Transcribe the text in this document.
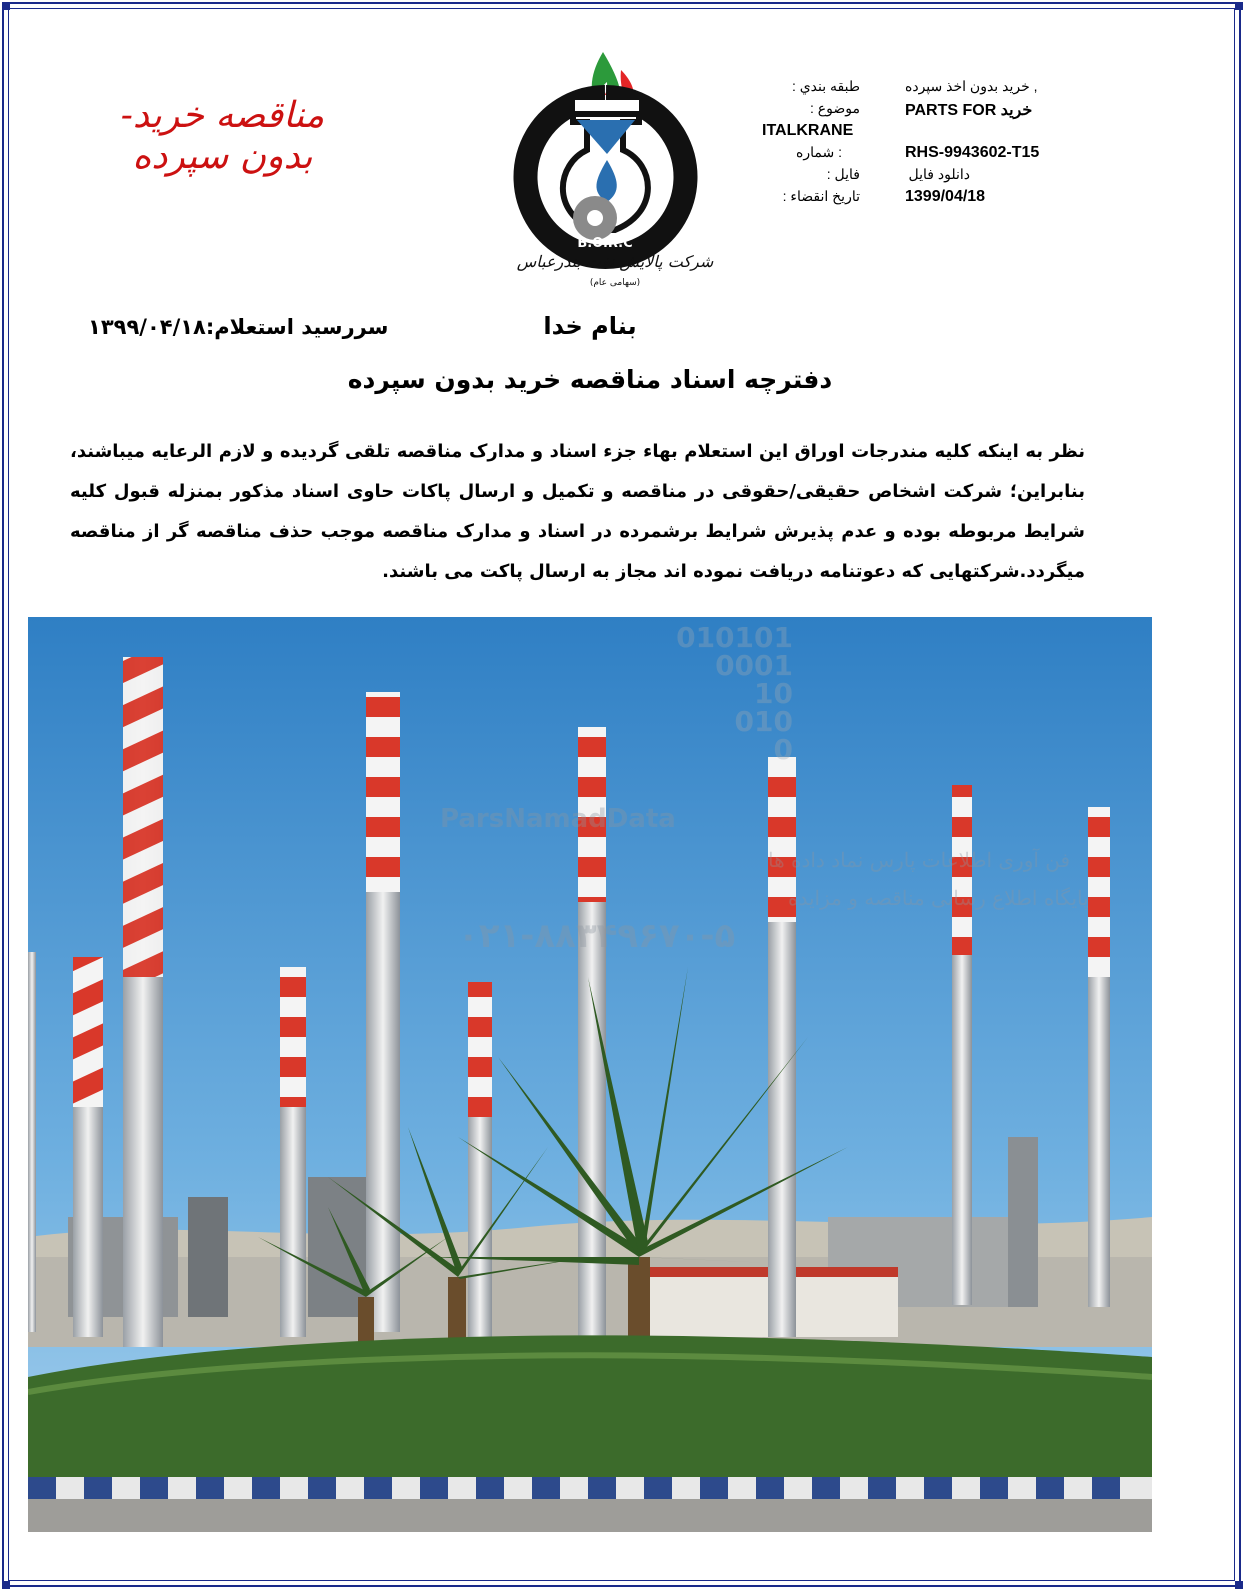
مناقصه خرید- بدون سپرده
B.O.R.C
شرکت پالایش نفت بندرعباس
(سهامی عام)
طبقه بندي :	, خريد بدون اخذ سپرده
موضوع :	PARTS FOR خريد
ITALKRANE
: شماره	RHS-9943602-T15
فايل :	دانلود فايل
تاريخ انقضاء :	1399/04/18
سررسید استعلام:۱۳۹۹/۰۴/۱۸	بنام خدا
دفترچه اسناد مناقصه خرید بدون سپرده
نظر به اینکه کلیه مندرجات اوراق این استعلام بهاء جزء اسناد و مدارک مناقصه تلقی گردیده و لازم الرعایه میباشند، بنابراین؛ شرکت اشخاص حقیقی/حقوقی در مناقصه و تکمیل و ارسال پاکات حاوی اسناد مذکور بمنزله قبول کلیه شرایط مربوطه بوده و عدم پذیرش شرایط برشمرده در اسناد و مدارک مناقصه موجب حذف مناقصه گر از مناقصه میگردد.شرکتهایی که دعوتنامه دریافت نموده اند مجاز به ارسال پاکت می باشند.
010101
0001
10
010
0
ParsNamadData
فن آوری اطلاعات پارس نماد داده ها
پایگاه اطلاع رسانی مناقصه و مزایده
۰۲۱-۸۸۳۴۹۶۷۰-۵
